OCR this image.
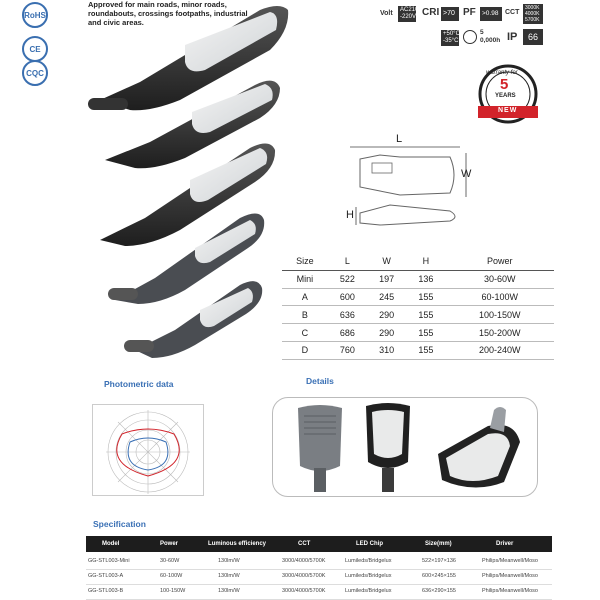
RoHS
CE
CQC
Approved for main roads, minor roads, roundabouts, crossings footpaths, industrial and civic areas.
Volt	AC210 -220V CRI >70 PF >0.98 CCT
3000K 4000K 5700K
+50°C -35°C
5 0,000h IP	66
warranty for
5
YEARS
NEW
L
W
H
Size	L	W	H	Power
Mini	522	197	136	30-60W
A	600	245	155	60-100W
B	636	290	155	100-150W
C	686	290	155	150-200W
D	760	310	155	200-240W
Photometric data	Details
Specification
Model	Power	Luminous efficiency	CCT	LED Chip	Size(mm)	Driver
GG-STL003-Mini	30-60W	130lm/W	3000/4000/5700K	Lumileds/Bridgelux	522×197×136	Philips/Meanwell/Moso
GG-STL003-A	60-100W	130lm/W	3000/4000/5700K	Lumileds/Bridgelux	600×245×155	Philips/Meanwell/Moso
GG-STL003-B	100-150W	130lm/W	3000/4000/5700K	Lumileds/Bridgelux	636×290×155	Philips/Meanwell/Moso
